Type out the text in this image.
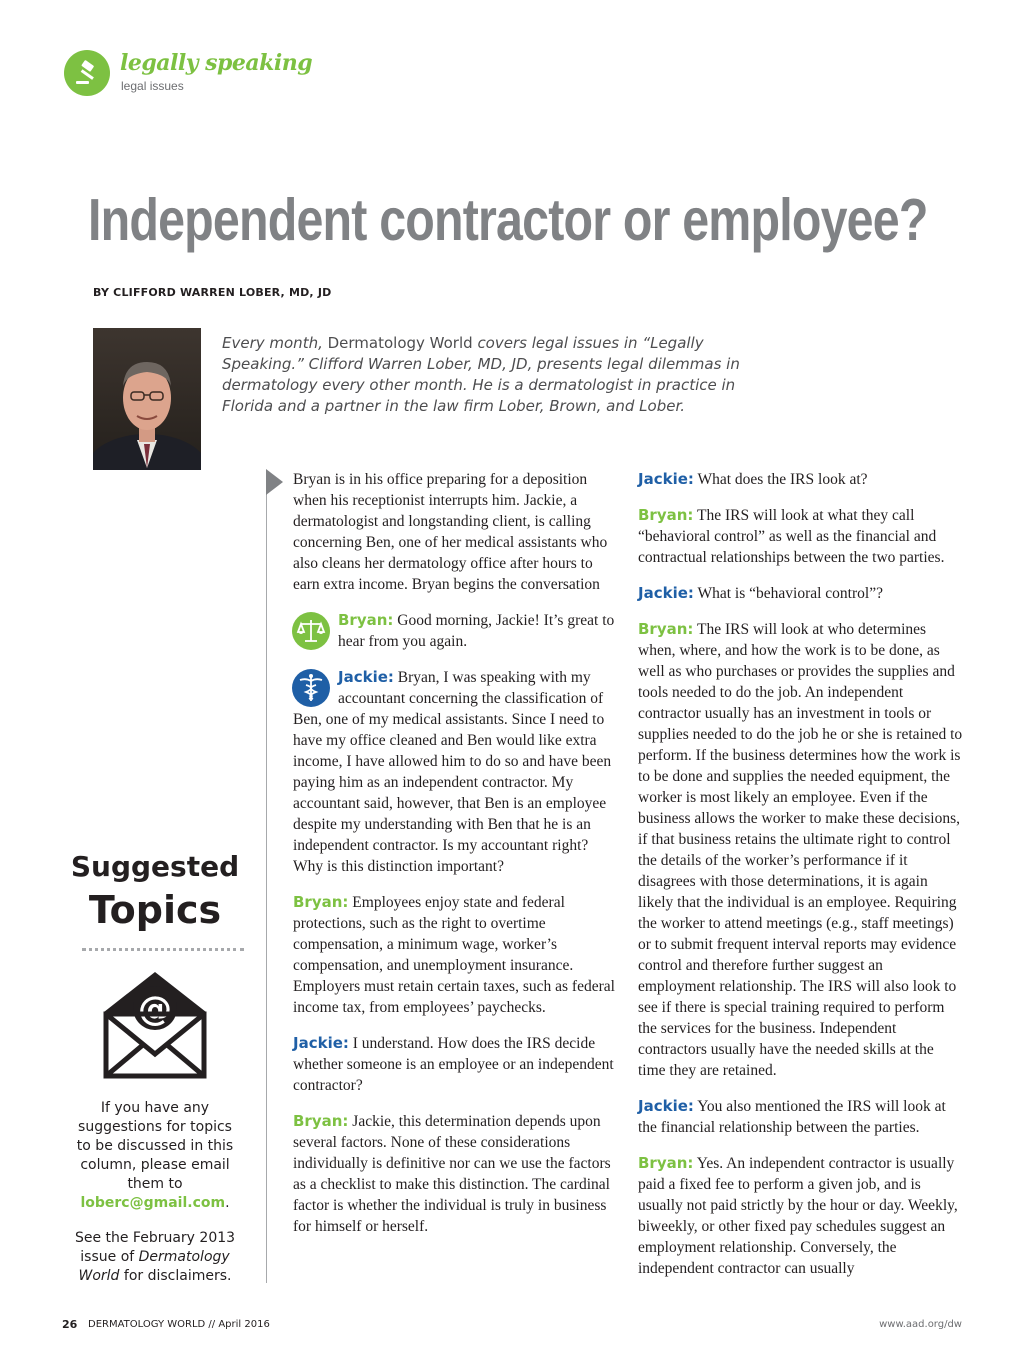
legally speaking
legal issues
Independent contractor or employee?
BY CLIFFORD WARREN LOBER, MD, JD
Every month, Dermatology World covers legal issues in “Legally Speaking.” Clifford Warren Lober, MD, JD, presents legal dilemmas in dermatology every other month. He is a dermatologist in practice in Florida and a partner in the law firm Lober, Brown, and Lober.
Suggested
Topics
@
If you have any suggestions for topics to be discussed in this column, please email them to loberc@gmail.com.
See the February 2013 issue of Dermatology World for disclaimers.

Bryan is in his office preparing for a deposition when his receptionist interrupts him. Jackie, a dermatologist and longstanding client, is calling concerning Ben, one of her medical assistants who also cleans her dermatology office after hours to earn extra income. Bryan begins the conversation

Bryan: Good morning, Jackie! It’s great to hear from you again.

Jackie: Bryan, I was speaking with my accountant concerning the classification of Ben, one of my medical assistants. Since I need to have my office cleaned and Ben would like extra income, I have allowed him to do so and have been paying him as an independent contractor. My accountant said, however, that Ben is an employee despite my understanding with Ben that he is an independent contractor. Is my accountant right? Why is this distinction important?

Bryan: Employees enjoy state and federal protections, such as the right to overtime compensation, a minimum wage, worker’s compensation, and unemployment insurance. Employers must retain certain taxes, such as federal income tax, from employees’ paychecks.

Jackie: I understand. How does the IRS decide whether someone is an employee or an independent contractor?

Bryan: Jackie, this determination depends upon several factors. None of these considerations individually is definitive nor can we use the factors as a checklist to make this distinction. The cardinal factor is whether the individual is truly in business for himself or herself.

Jackie: What does the IRS look at?

Bryan: The IRS will look at what they call “behavioral control” as well as the financial and contractual relationships between the two parties.

Jackie: What is “behavioral control”?

Bryan: The IRS will look at who determines when, where, and how the work is to be done, as well as who purchases or provides the supplies and tools needed to do the job. An independent contractor usually has an investment in tools or supplies needed to do the job he or she is retained to perform. If the business determines how the work is to be done and supplies the needed equipment, the worker is most likely an employee. Even if the business allows the worker to make these decisions, if that business retains the ultimate right to control the details of the worker’s performance if it disagrees with those determinations, it is again likely that the individual is an employee. Requiring the worker to attend meetings (e.g., staff meetings) or to submit frequent interval reports may evidence control and therefore further suggest an employment relationship. The IRS will also look to see if there is special training required to perform the services for the business. Independent contractors usually have the needed skills at the time they are retained.

Jackie: You also mentioned the IRS will look at the financial relationship between the parties.

Bryan: Yes. An independent contractor is usually paid a fixed fee to perform a given job, and is usually not paid strictly by the hour or day. Weekly, biweekly, or other fixed pay schedules suggest an employment relationship. Conversely, the independent contractor can usually

26 DERMATOLOGY WORLD // April 2016	www.aad.org/dw
